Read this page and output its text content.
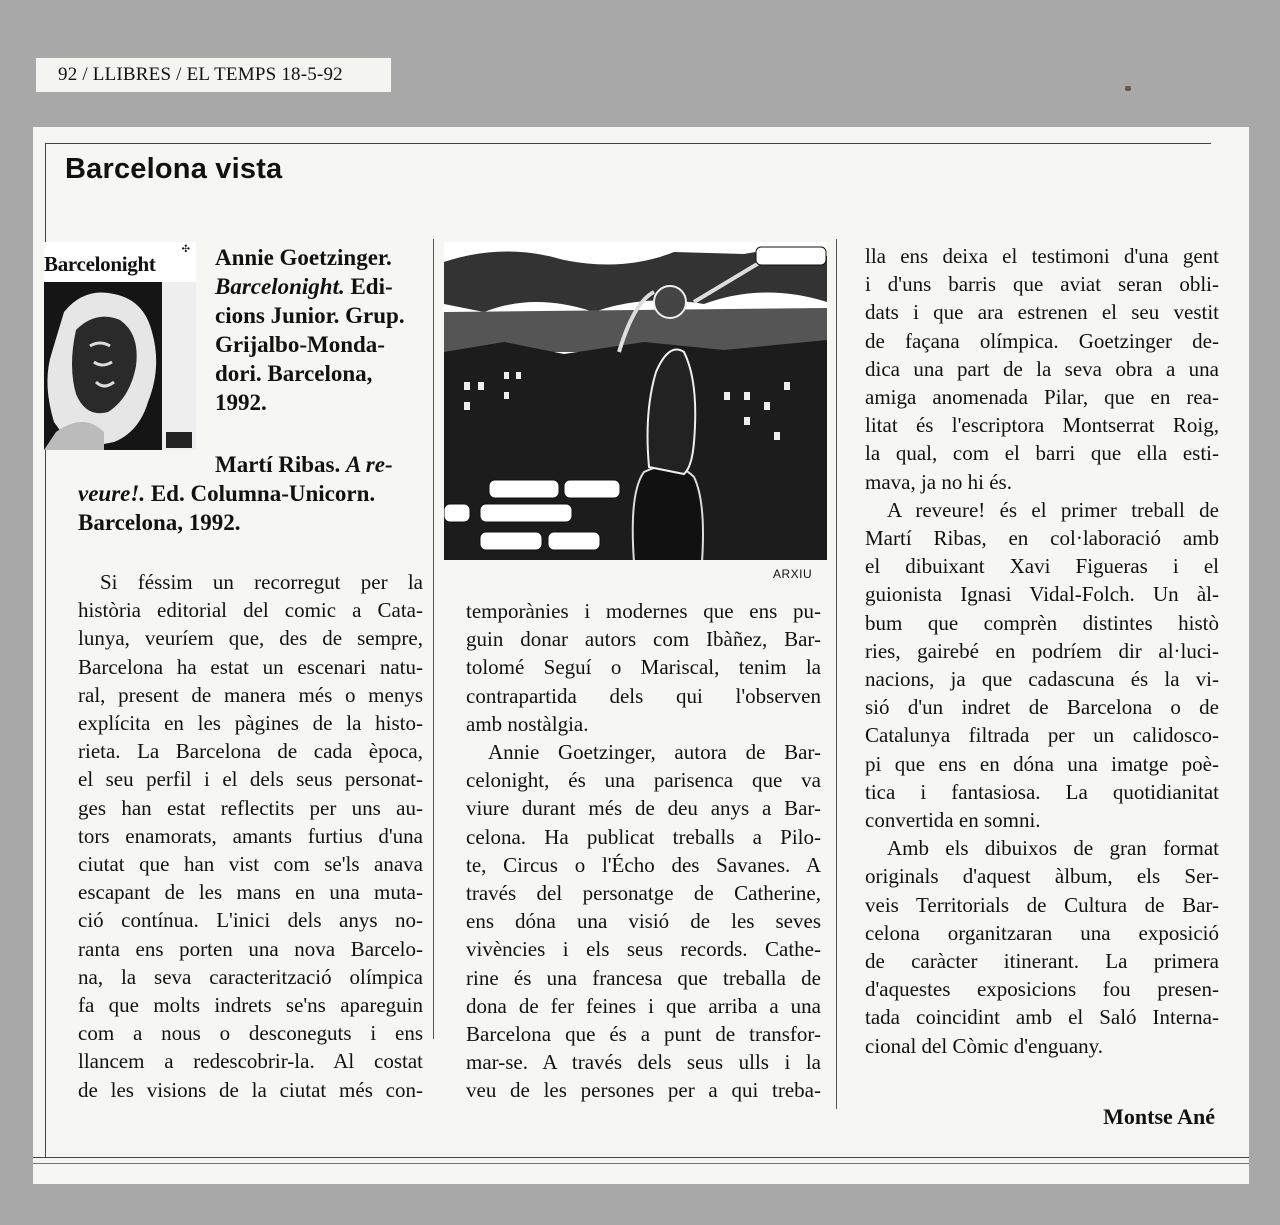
92 / LLIBRES / EL TEMPS 18-5-92
Barcelona vista
✣
Barcelonight	Annie Goetzinger.
Barcelonight. Edi-
cions Junior. Grup.
Grijalbo-Monda-
dori. Barcelona,
1992.
Martí Ribas. A re-
veure!. Ed. Columna-Unicorn.
Barcelona, 1992.
ARXIU
Si féssim un recorregut per la
història editorial del comic a Cata-
lunya, veuríem que, des de sempre,
Barcelona ha estat un escenari natu-
ral, present de manera més o menys
explícita en les pàgines de la histo-
rieta. La Barcelona de cada època,
el seu perfil i el dels seus personat-
ges han estat reflectits per uns au-
tors enamorats, amants furtius d'una
ciutat que han vist com se'ls anava
escapant de les mans en una muta-
ció contínua. L'inici dels anys no-
ranta ens porten una nova Barcelo-
na, la seva caracterització olímpica
fa que molts indrets se'ns apareguin
com a nous o desconeguts i ens
llancem a redescobrir-la. Al costat
de les visions de la ciutat més con-
temporànies i modernes que ens pu-
guin donar autors com Ibàñez, Bar-
tolomé Seguí o Mariscal, tenim la
contrapartida dels qui l'observen
amb nostàlgia.
Annie Goetzinger, autora de Bar-
celonight, és una parisenca que va
viure durant més de deu anys a Bar-
celona. Ha publicat treballs a Pilo-
te, Circus o l'Écho des Savanes. A
través del personatge de Catherine,
ens dóna una visió de les seves
vivències i els seus records. Cathe-
rine és una francesa que treballa de
dona de fer feines i que arriba a una
Barcelona que és a punt de transfor-
mar-se. A través dels seus ulls i la
veu de les persones per a qui treba-
lla ens deixa el testimoni d'una gent
i d'uns barris que aviat seran obli-
dats i que ara estrenen el seu vestit
de façana olímpica. Goetzinger de-
dica una part de la seva obra a una
amiga anomenada Pilar, que en rea-
litat és l'escriptora Montserrat Roig,
la qual, com el barri que ella esti-
mava, ja no hi és.
A reveure! és el primer treball de
Martí Ribas, en col·laboració amb
el dibuixant Xavi Figueras i el
guionista Ignasi Vidal-Folch. Un àl-
bum que comprèn distintes histò
ries, gairebé en podríem dir al·luci-
nacions, ja que cadascuna és la vi-
sió d'un indret de Barcelona o de
Catalunya filtrada per un calidosco-
pi que ens en dóna una imatge poè-
tica i fantasiosa. La quotidianitat
convertida en somni.
Amb els dibuixos de gran format
originals d'aquest àlbum, els Ser-
veis Territorials de Cultura de Bar-
celona organitzaran una exposició
de caràcter itinerant. La primera
d'aquestes exposicions fou presen-
tada coincidint amb el Saló Interna-
cional del Còmic d'enguany.
Montse Ané
